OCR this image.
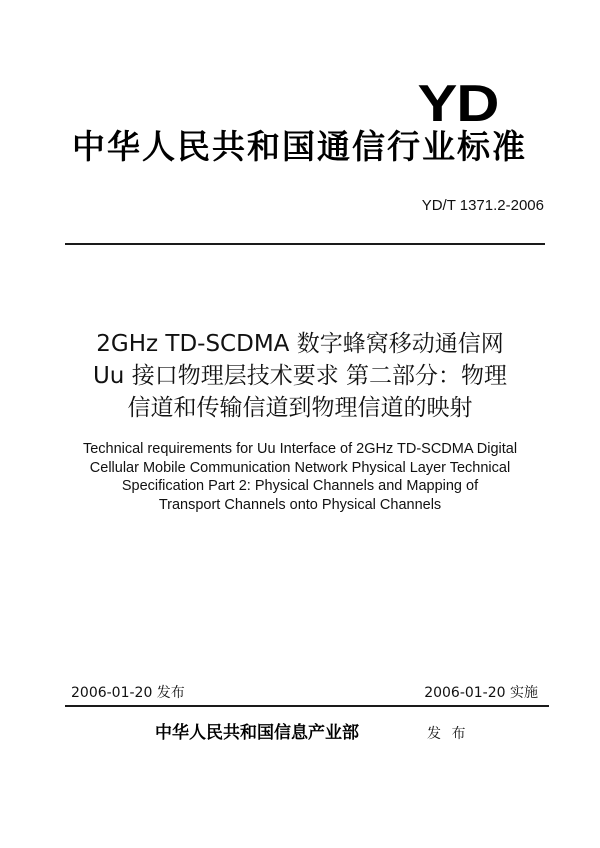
YD
中华人民共和国通信行业标准
YD/T 1371.2-2006
2GHz TD-SCDMA 数字蜂窝移动通信网
Uu 接口物理层技术要求 第二部分：物理
信道和传输信道到物理信道的映射
Technical requirements for Uu Interface of 2GHz TD-SCDMA Digital
Cellular Mobile Communication Network Physical Layer Technical
Specification Part 2: Physical Channels and Mapping of
Transport Channels onto Physical Channels
2006-01-20 发布	2006-01-20 实施
中华人民共和国信息产业部	发 布
